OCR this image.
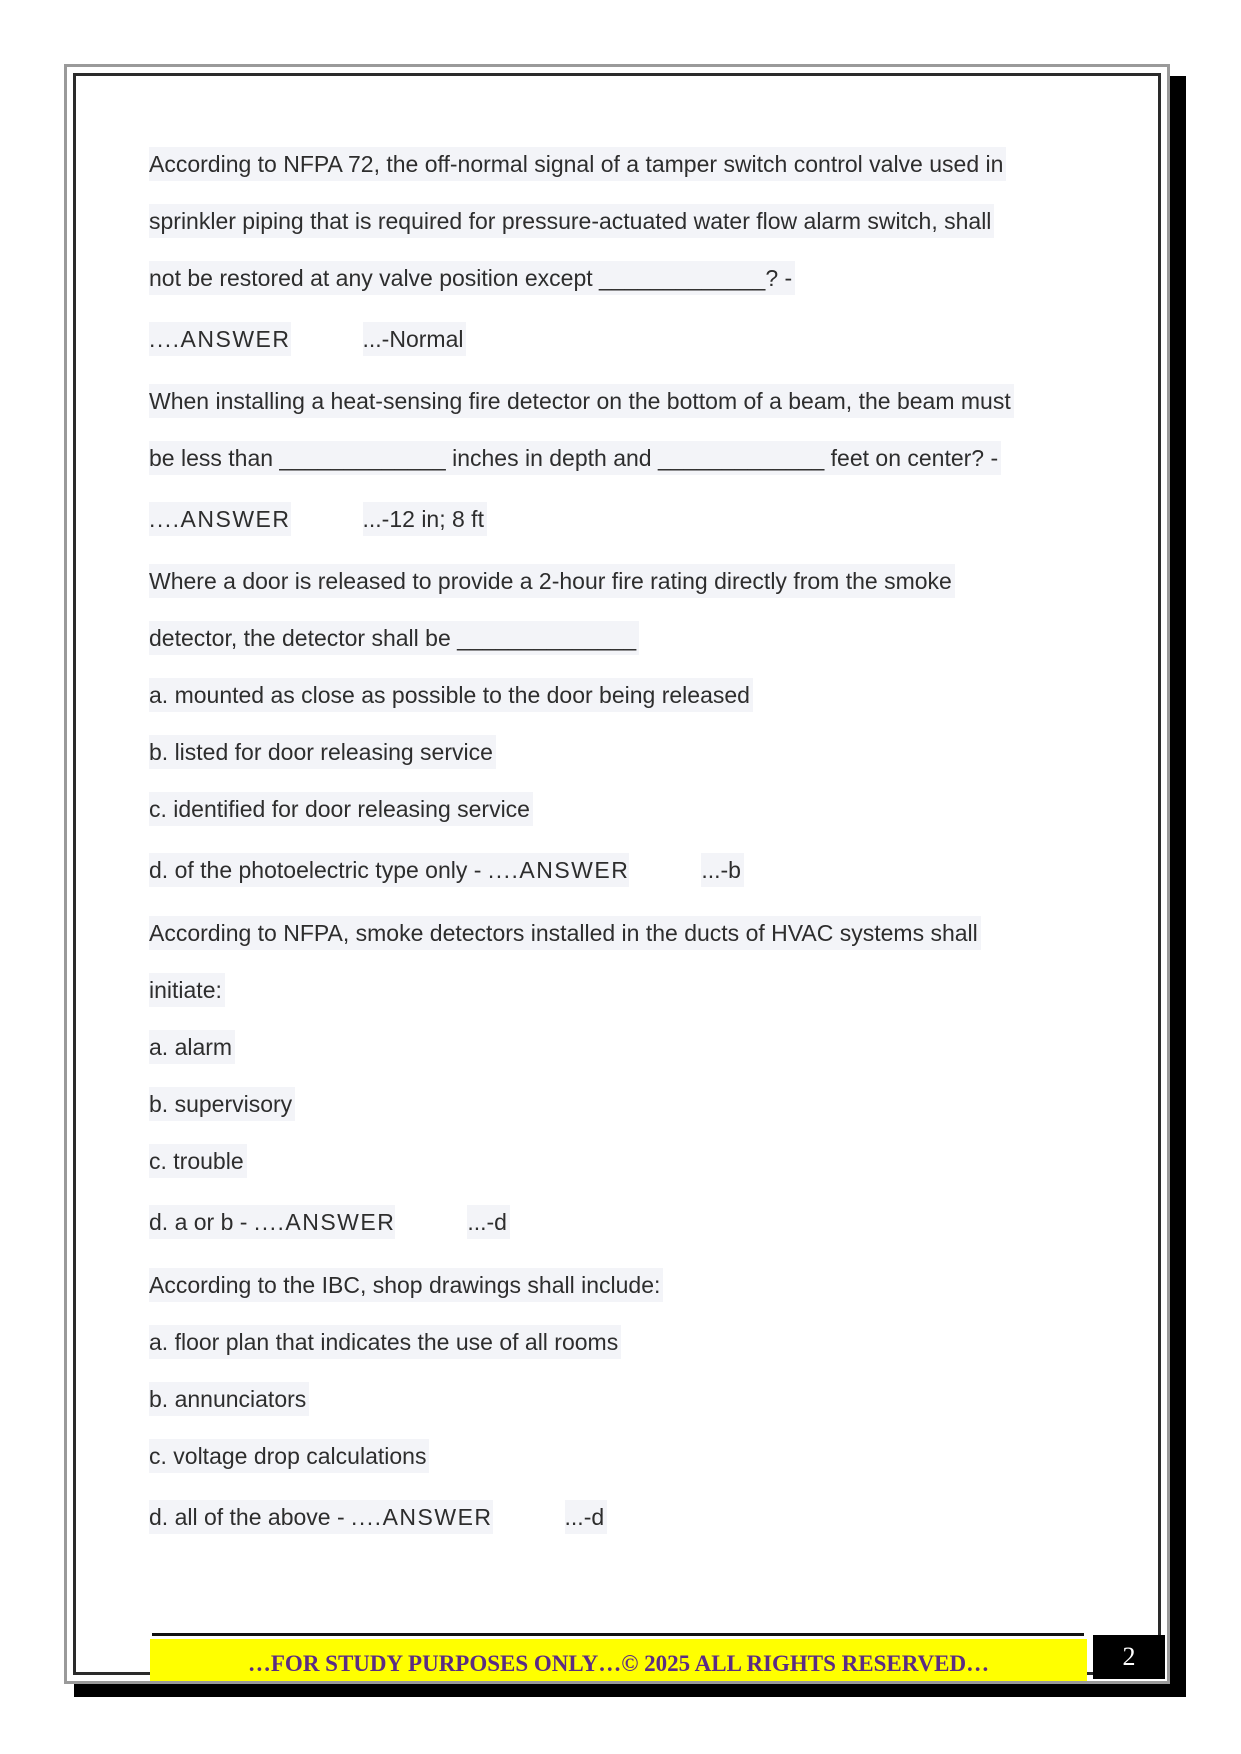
According to NFPA 72, the off-normal signal of a tamper switch control valve used in
sprinkler piping that is required for pressure-actuated water flow alarm switch, shall
not be restored at any valve position except _____________? -
....ANSWER	...-Normal
When installing a heat-sensing fire detector on the bottom of a beam, the beam must
be less than _____________ inches in depth and _____________ feet on center? -
....ANSWER	...-12 in; 8 ft
Where a door is released to provide a 2-hour fire rating directly from the smoke
detector, the detector shall be ______________
a. mounted as close as possible to the door being released
b. listed for door releasing service
c. identified for door releasing service
d. of the photoelectric type only - ....ANSWER	...-b
According to NFPA, smoke detectors installed in the ducts of HVAC systems shall
initiate:
a. alarm
b. supervisory
c. trouble
d. a or b - ....ANSWER	...-d
According to the IBC, shop drawings shall include:
a. floor plan that indicates the use of all rooms
b. annunciators
c. voltage drop calculations
d. all of the above - ....ANSWER	...-d
…FOR STUDY PURPOSES ONLY…© 2025 ALL RIGHTS RESERVED…	2
